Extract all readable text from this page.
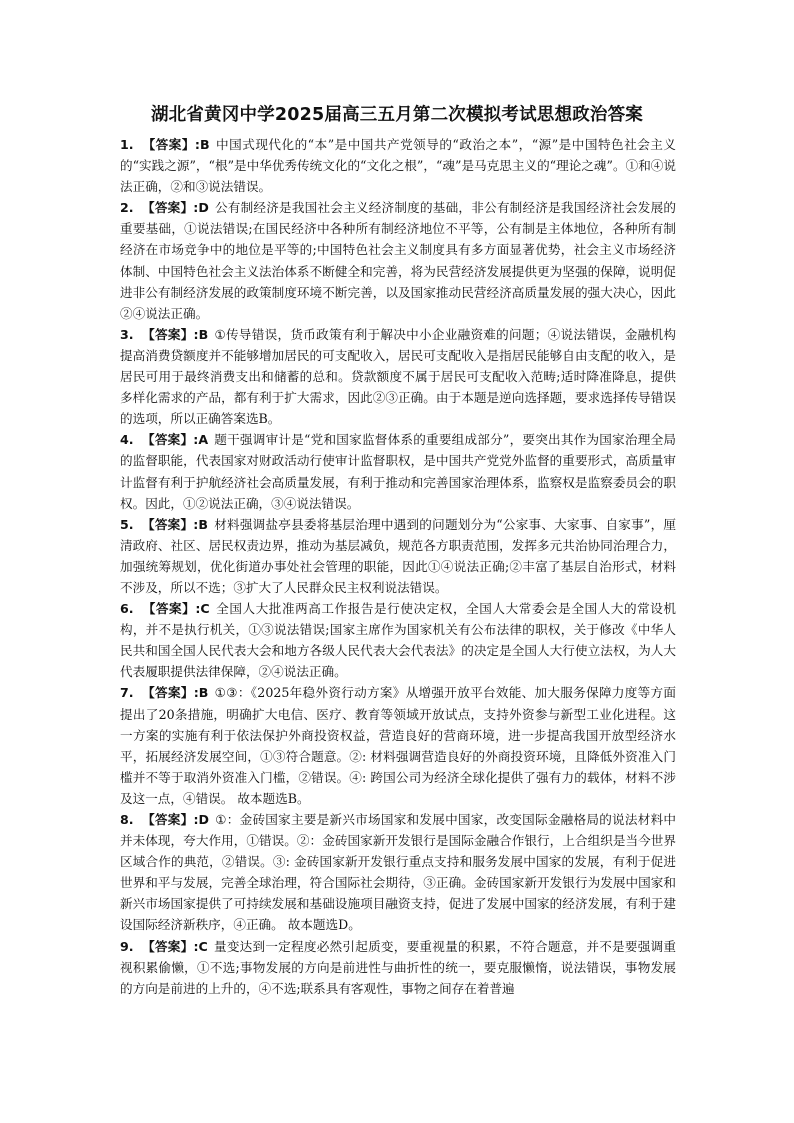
湖北省黄冈中学2025届高三五月第二次模拟考试思想政治答案

1. 【答案】:B 中国式现代化的“本”是中国共产党领导的“政治之本”，“源”是中国特色社会主义的“实践之源”，“根”是中华优秀传统文化的“文化之根”，“魂”是马克思主义的“理论之魂”。①和④说法正确，②和③说法错误。

2. 【答案】:D 公有制经济是我国社会主义经济制度的基础，非公有制经济是我国经济社会发展的重要基础，①说法错误;在国民经济中各种所有制经济地位不平等，公有制是主体地位，各种所有制经济在市场竞争中的地位是平等的;中国特色社会主义制度具有多方面显著优势，社会主义市场经济体制、中国特色社会主义法治体系不断健全和完善，将为民营经济发展提供更为坚强的保障，说明促进非公有制经济发展的政策制度环境不断完善，以及国家推动民营经济高质量发展的强大决心，因此②④说法正确。

3. 【答案】:B ①传导错误，货币政策有利于解决中小企业融资难的问题；④说法错误，金融机构提高消费贷额度并不能够增加居民的可支配收入，居民可支配收入是指居民能够自由支配的收入，是居民可用于最终消费支出和储蓄的总和。贷款额度不属于居民可支配收入范畴;适时降准降息，提供多样化需求的产品，都有利于扩大需求，因此②③正确。由于本题是逆向选择题，要求选择传导错误的选项，所以正确答案选B。

4. 【答案】:A 题干强调审计是“党和国家监督体系的重要组成部分”，要突出其作为国家治理全局的监督职能，代表国家对财政活动行使审计监督职权，是中国共产党党外监督的重要形式，高质量审计监督有利于护航经济社会高质量发展，有利于推动和完善国家治理体系，监察权是监察委员会的职权。因此，①②说法正确，③④说法错误。

5. 【答案】:B 材料强调盐亭县委将基层治理中遇到的问题划分为“公家事、大家事、自家事”，厘清政府、社区、居民权责边界，推动为基层减负，规范各方职责范围，发挥多元共治协同治理合力，加强统筹规划，优化街道办事处社会管理的职能，因此①④说法正确;②丰富了基层自治形式，材料不涉及，所以不选；③扩大了人民群众民主权利说法错误。

6. 【答案】:C 全国人大批准两高工作报告是行使决定权，全国人大常委会是全国人大的常设机构，并不是执行机关，①③说法错误;国家主席作为国家机关有公布法律的职权，关于修改《中华人民共和国全国人民代表大会和地方各级人民代表大会代表法》的决定是全国人大行使立法权，为人大代表履职提供法律保障，②④说法正确。

7. 【答案】:B ①③：《2025年稳外资行动方案》从增强开放平台效能、加大服务保障力度等方面提出了20条措施，明确扩大电信、医疗、教育等领域开放试点，支持外资参与新型工业化进程。这一方案的实施有利于依法保护外商投资权益，营造良好的营商环境，进一步提高我国开放型经济水平，拓展经济发展空间，①③符合题意。②: 材料强调营造良好的外商投资环境，且降低外资准入门槛并不等于取消外资准入门槛，②错误。④: 跨国公司为经济全球化提供了强有力的载体，材料不涉及这一点，④错误。 故本题选B。

8. 【答案】:D ①：金砖国家主要是新兴市场国家和发展中国家，改变国际金融格局的说法材料中并未体现，夸大作用，①错误。②：金砖国家新开发银行是国际金融合作银行，上合组织是当今世界区域合作的典范，②错误。③: 金砖国家新开发银行重点支持和服务发展中国家的发展，有利于促进世界和平与发展，完善全球治理，符合国际社会期待，③正确。金砖国家新开发银行为发展中国家和新兴市场国家提供了可持续发展和基础设施项目融资支持，促进了发展中国家的经济发展，有利于建设国际经济新秩序，④正确。 故本题选D。

9. 【答案】:C 量变达到一定程度必然引起质变，要重视量的积累，不符合题意，并不是要强调重视积累偷懒，①不选;事物发展的方向是前进性与曲折性的统一，要克服懒惰，说法错误，事物发展的方向是前进的上升的，④不选;联系具有客观性，事物之间存在着普遍
